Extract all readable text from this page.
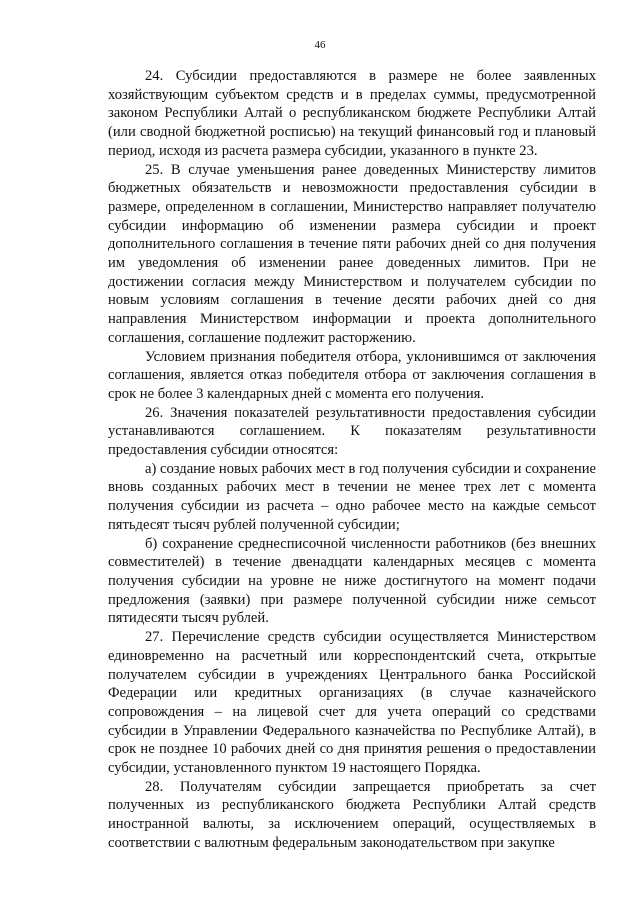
46

24. Субсидии предоставляются в размере не более заявленных хозяйствующим субъектом средств и в пределах суммы, предусмотренной законом Республики Алтай о республиканском бюджете Республики Алтай (или сводной бюджетной росписью) на текущий финансовый год и плановый период, исходя из расчета размера субсидии, указанного в пункте 23.

25. В случае уменьшения ранее доведенных Министерству лимитов бюджетных обязательств и невозможности предоставления субсидии в размере, определенном в соглашении, Министерство направляет получателю субсидии информацию об изменении размера субсидии и проект дополнительного соглашения в течение пяти рабочих дней со дня получения им уведомления об изменении ранее доведенных лимитов. При не достижении согласия между Министерством и получателем субсидии по новым условиям соглашения в течение десяти рабочих дней со дня направления Министерством информации и проекта дополнительного соглашения, соглашение подлежит расторжению.

Условием признания победителя отбора, уклонившимся от заключения соглашения, является отказ победителя отбора от заключения соглашения в срок не более 3 календарных дней с момента его получения.

26. Значения показателей результативности предоставления субсидии устанавливаются соглашением. К показателям результативности предоставления субсидии относятся:

а) создание новых рабочих мест в год получения субсидии и сохранение вновь созданных рабочих мест в течении не менее трех лет с момента получения субсидии из расчета – одно рабочее место на каждые семьсот пятьдесят тысяч рублей полученной субсидии;

б) сохранение среднесписочной численности работников (без внешних совместителей) в течение двенадцати календарных месяцев с момента получения субсидии на уровне не ниже достигнутого на момент подачи предложения (заявки) при размере полученной субсидии ниже семьсот пятидесяти тысяч рублей.

27. Перечисление средств субсидии осуществляется Министерством единовременно на расчетный или корреспондентский счета, открытые получателем субсидии в учреждениях Центрального банка Российской Федерации или кредитных организациях (в случае казначейского сопровождения – на лицевой счет для учета операций со средствами субсидии в Управлении Федерального казначейства по Республике Алтай), в срок не позднее 10 рабочих дней со дня принятия решения о предоставлении субсидии, установленного пунктом 19 настоящего Порядка.

28. Получателям субсидии запрещается приобретать за счет полученных из республиканского бюджета Республики Алтай средств иностранной валюты, за исключением операций, осуществляемых в соответствии с валютным федеральным законодательством при закупке
